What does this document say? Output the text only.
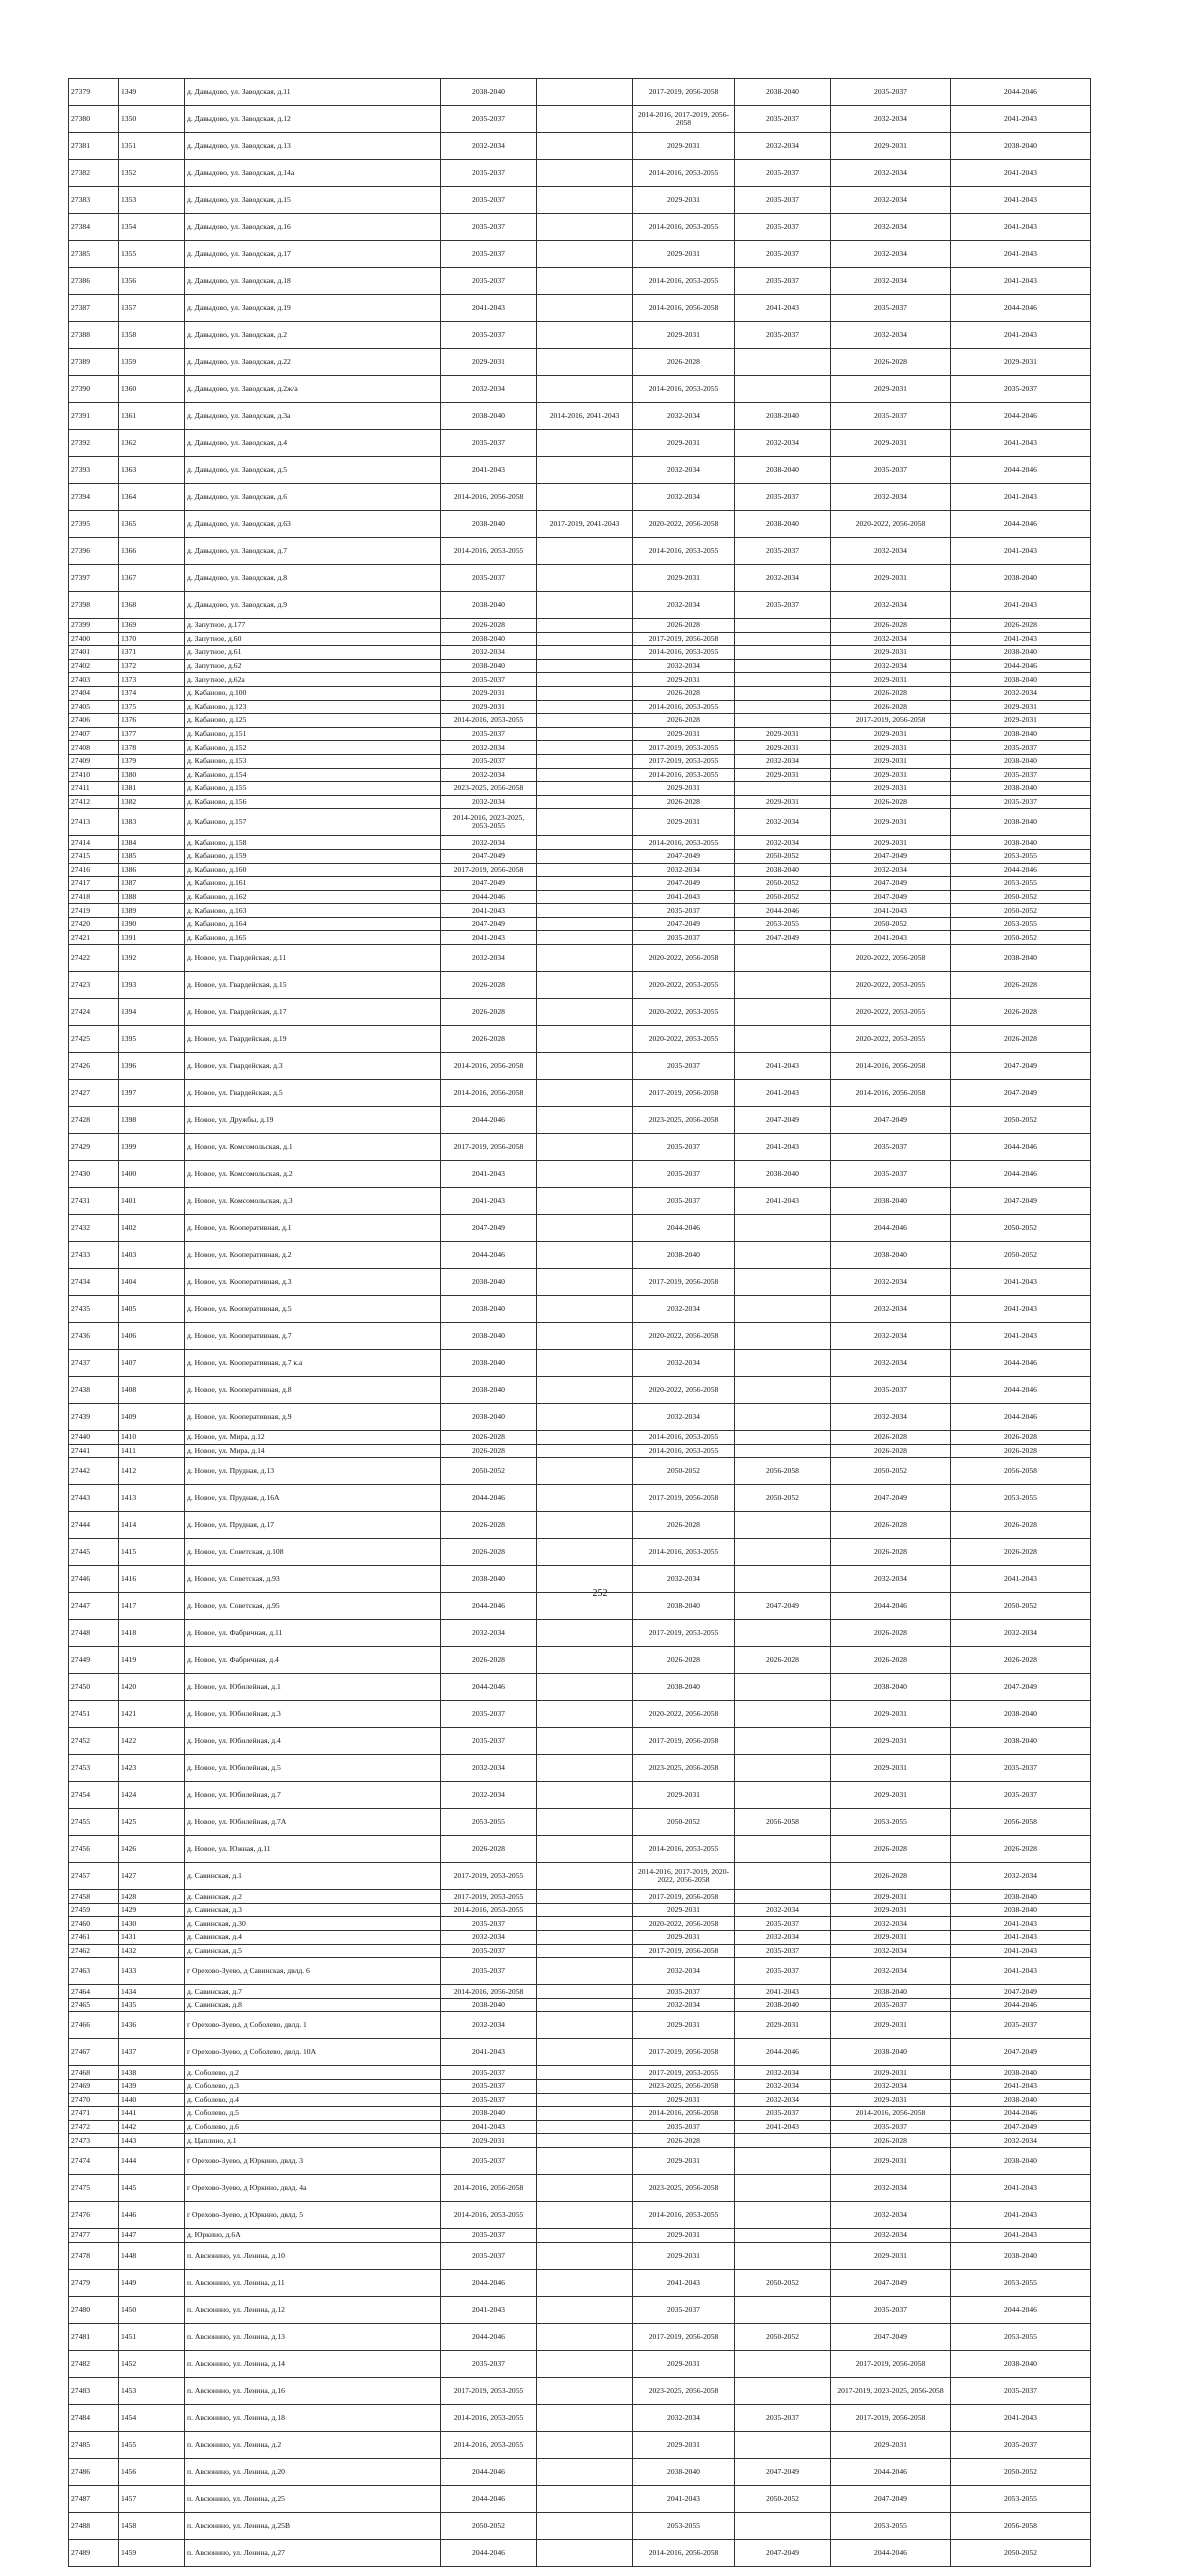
27379	1349	д. Давыдово, ул. Заводская, д.11	2038-2040		2017-2019, 2056-2058	2038-2040	2035-2037	2044-2046
27380	1350	д. Давыдово, ул. Заводская, д.12	2035-2037		2014-2016, 2017-2019, 2056-2058	2035-2037	2032-2034	2041-2043
27381	1351	д. Давыдово, ул. Заводская, д.13	2032-2034		2029-2031	2032-2034	2029-2031	2038-2040
27382	1352	д. Давыдово, ул. Заводская, д.14а	2035-2037		2014-2016, 2053-2055	2035-2037	2032-2034	2041-2043
27383	1353	д. Давыдово, ул. Заводская, д.15	2035-2037		2029-2031	2035-2037	2032-2034	2041-2043
27384	1354	д. Давыдово, ул. Заводская, д.16	2035-2037		2014-2016, 2053-2055	2035-2037	2032-2034	2041-2043
27385	1355	д. Давыдово, ул. Заводская, д.17	2035-2037		2029-2031	2035-2037	2032-2034	2041-2043
27386	1356	д. Давыдово, ул. Заводская, д.18	2035-2037		2014-2016, 2053-2055	2035-2037	2032-2034	2041-2043
27387	1357	д. Давыдово, ул. Заводская, д.19	2041-2043		2014-2016, 2056-2058	2041-2043	2035-2037	2044-2046
27388	1358	д. Давыдово, ул. Заводская, д.2	2035-2037		2029-2031	2035-2037	2032-2034	2041-2043
27389	1359	д. Давыдово, ул. Заводская, д.22	2029-2031		2026-2028		2026-2028	2029-2031
27390	1360	д. Давыдово, ул. Заводская, д.2ж/а	2032-2034		2014-2016, 2053-2055		2029-2031	2035-2037
27391	1361	д. Давыдово, ул. Заводская, д.3а	2038-2040	2014-2016, 2041-2043	2032-2034	2038-2040	2035-2037	2044-2046
27392	1362	д. Давыдово, ул. Заводская, д.4	2035-2037		2029-2031	2032-2034	2029-2031	2041-2043
27393	1363	д. Давыдово, ул. Заводская, д.5	2041-2043		2032-2034	2038-2040	2035-2037	2044-2046
27394	1364	д. Давыдово, ул. Заводская, д.6	2014-2016, 2056-2058		2032-2034	2035-2037	2032-2034	2041-2043
27395	1365	д. Давыдово, ул. Заводская, д.63	2038-2040	2017-2019, 2041-2043	2020-2022, 2056-2058	2038-2040	2020-2022, 2056-2058	2044-2046
27396	1366	д. Давыдово, ул. Заводская, д.7	2014-2016, 2053-2055		2014-2016, 2053-2055	2035-2037	2032-2034	2041-2043
27397	1367	д. Давыдово, ул. Заводская, д.8	2035-2037		2029-2031	2032-2034	2029-2031	2038-2040
27398	1368	д. Давыдово, ул. Заводская, д.9	2038-2040		2032-2034	2035-2037	2032-2034	2041-2043
27399	1369	д. Запутное, д.177	2026-2028		2026-2028		2026-2028	2026-2028
27400	1370	д. Запутное, д.60	2038-2040		2017-2019, 2056-2058		2032-2034	2041-2043
27401	1371	д. Запутное, д.61	2032-2034		2014-2016, 2053-2055		2029-2031	2038-2040
27402	1372	д. Запутное, д.62	2038-2040		2032-2034		2032-2034	2044-2046
27403	1373	д. Запутное, д.62а	2035-2037		2029-2031		2029-2031	2038-2040
27404	1374	д. Кабаново, д.100	2029-2031		2026-2028		2026-2028	2032-2034
27405	1375	д. Кабаново, д.123	2029-2031		2014-2016, 2053-2055		2026-2028	2029-2031
27406	1376	д. Кабаново, д.125	2014-2016, 2053-2055		2026-2028		2017-2019, 2056-2058	2029-2031
27407	1377	д. Кабаново, д.151	2035-2037		2029-2031	2029-2031	2029-2031	2038-2040
27408	1378	д. Кабаново, д.152	2032-2034		2017-2019, 2053-2055	2029-2031	2029-2031	2035-2037
27409	1379	д. Кабаново, д.153	2035-2037		2017-2019, 2053-2055	2032-2034	2029-2031	2038-2040
27410	1380	д. Кабаново, д.154	2032-2034		2014-2016, 2053-2055	2029-2031	2029-2031	2035-2037
27411	1381	д. Кабаново, д.155	2023-2025, 2056-2058		2029-2031		2029-2031	2038-2040
27412	1382	д. Кабаново, д.156	2032-2034		2026-2028	2029-2031	2026-2028	2035-2037
27413	1383	д. Кабаново, д.157	2014-2016, 2023-2025, 2053-2055		2029-2031	2032-2034	2029-2031	2038-2040
27414	1384	д. Кабаново, д.158	2032-2034		2014-2016, 2053-2055	2032-2034	2029-2031	2038-2040
27415	1385	д. Кабаново, д.159	2047-2049		2047-2049	2050-2052	2047-2049	2053-2055
27416	1386	д. Кабаново, д.160	2017-2019, 2056-2058		2032-2034	2038-2040	2032-2034	2044-2046
27417	1387	д. Кабаново, д.161	2047-2049		2047-2049	2050-2052	2047-2049	2053-2055
27418	1388	д. Кабаново, д.162	2044-2046		2041-2043	2050-2052	2047-2049	2050-2052
27419	1389	д. Кабаново, д.163	2041-2043		2035-2037	2044-2046	2041-2043	2050-2052
27420	1390	д. Кабаново, д.164	2047-2049		2047-2049	2053-2055	2050-2052	2053-2055
27421	1391	д. Кабаново, д.165	2041-2043		2035-2037	2047-2049	2041-2043	2050-2052
27422	1392	д. Новое, ул. Гвардейская, д.11	2032-2034		2020-2022, 2056-2058		2020-2022, 2056-2058	2038-2040
27423	1393	д. Новое, ул. Гвардейская, д.15	2026-2028		2020-2022, 2053-2055		2020-2022, 2053-2055	2026-2028
27424	1394	д. Новое, ул. Гвардейская, д.17	2026-2028		2020-2022, 2053-2055		2020-2022, 2053-2055	2026-2028
27425	1395	д. Новое, ул. Гвардейская, д.19	2026-2028		2020-2022, 2053-2055		2020-2022, 2053-2055	2026-2028
27426	1396	д. Новое, ул. Гвардейская, д.3	2014-2016, 2056-2058		2035-2037	2041-2043	2014-2016, 2056-2058	2047-2049
27427	1397	д. Новое, ул. Гвардейская, д.5	2014-2016, 2056-2058		2017-2019, 2056-2058	2041-2043	2014-2016, 2056-2058	2047-2049
27428	1398	д. Новое, ул. Дружбы, д.19	2044-2046		2023-2025, 2056-2058	2047-2049	2047-2049	2050-2052
27429	1399	д. Новое, ул. Комсомольская, д.1	2017-2019, 2056-2058		2035-2037	2041-2043	2035-2037	2044-2046
27430	1400	д. Новое, ул. Комсомольская, д.2	2041-2043		2035-2037	2038-2040	2035-2037	2044-2046
27431	1401	д. Новое, ул. Комсомольская, д.3	2041-2043		2035-2037	2041-2043	2038-2040	2047-2049
27432	1402	д. Новое, ул. Кооперативная, д.1	2047-2049		2044-2046		2044-2046	2050-2052
27433	1403	д. Новое, ул. Кооперативная, д.2	2044-2046		2038-2040		2038-2040	2050-2052
27434	1404	д. Новое, ул. Кооперативная, д.3	2038-2040		2017-2019, 2056-2058		2032-2034	2041-2043
27435	1405	д. Новое, ул. Кооперативная, д.5	2038-2040		2032-2034		2032-2034	2041-2043
27436	1406	д. Новое, ул. Кооперативная, д.7	2038-2040		2020-2022, 2056-2058		2032-2034	2041-2043
27437	1407	д. Новое, ул. Кооперативная, д.7 к.а	2038-2040		2032-2034		2032-2034	2044-2046
27438	1408	д. Новое, ул. Кооперативная, д.8	2038-2040		2020-2022, 2056-2058		2035-2037	2044-2046
27439	1409	д. Новое, ул. Кооперативная, д.9	2038-2040		2032-2034		2032-2034	2044-2046
27440	1410	д. Новое, ул. Мира, д.12	2026-2028		2014-2016, 2053-2055		2026-2028	2026-2028
27441	1411	д. Новое, ул. Мира, д.14	2026-2028		2014-2016, 2053-2055		2026-2028	2026-2028
27442	1412	д. Новое, ул. Прудная, д.13	2050-2052		2050-2052	2056-2058	2050-2052	2056-2058
27443	1413	д. Новое, ул. Прудная, д.16А	2044-2046		2017-2019, 2056-2058	2050-2052	2047-2049	2053-2055
27444	1414	д. Новое, ул. Прудная, д.17	2026-2028		2026-2028		2026-2028	2026-2028
27445	1415	д. Новое, ул. Советская, д.108	2026-2028		2014-2016, 2053-2055		2026-2028	2026-2028
27446	1416	д. Новое, ул. Советская, д.93	2038-2040		2032-2034		2032-2034	2041-2043
27447	1417	д. Новое, ул. Советская, д.95	2044-2046		2038-2040	2047-2049	2044-2046	2050-2052
27448	1418	д. Новое, ул. Фабричная, д.11	2032-2034		2017-2019, 2053-2055		2026-2028	2032-2034
27449	1419	д. Новое, ул. Фабричная, д.4	2026-2028		2026-2028	2026-2028	2026-2028	2026-2028
27450	1420	д. Новое, ул. Юбилейная, д.1	2044-2046		2038-2040		2038-2040	2047-2049
27451	1421	д. Новое, ул. Юбилейная, д.3	2035-2037		2020-2022, 2056-2058		2029-2031	2038-2040
27452	1422	д. Новое, ул. Юбилейная, д.4	2035-2037		2017-2019, 2056-2058		2029-2031	2038-2040
27453	1423	д. Новое, ул. Юбилейная, д.5	2032-2034		2023-2025, 2056-2058		2029-2031	2035-2037
27454	1424	д. Новое, ул. Юбилейная, д.7	2032-2034		2029-2031		2029-2031	2035-2037
27455	1425	д. Новое, ул. Юбилейная, д.7А	2053-2055		2050-2052	2056-2058	2053-2055	2056-2058
27456	1426	д. Новое, ул. Южная, д.11	2026-2028		2014-2016, 2053-2055		2026-2028	2026-2028
27457	1427	д. Савинская, д.1	2017-2019, 2053-2055		2014-2016, 2017-2019, 2020-2022, 2056-2058		2026-2028	2032-2034
27458	1428	д. Савинская, д.2	2017-2019, 2053-2055		2017-2019, 2056-2058		2029-2031	2038-2040
27459	1429	д. Савинская, д.3	2014-2016, 2053-2055		2029-2031	2032-2034	2029-2031	2038-2040
27460	1430	д. Савинская, д.30	2035-2037		2020-2022, 2056-2058	2035-2037	2032-2034	2041-2043
27461	1431	д. Савинская, д.4	2032-2034		2029-2031	2032-2034	2029-2031	2041-2043
27462	1432	д. Савинская, д.5	2035-2037		2017-2019, 2056-2058	2035-2037	2032-2034	2041-2043
27463	1433	г Орехово-Зуево, д Савинская, двлд. 6	2035-2037		2032-2034	2035-2037	2032-2034	2041-2043
27464	1434	д. Савинская, д.7	2014-2016, 2056-2058		2035-2037	2041-2043	2038-2040	2047-2049
27465	1435	д. Савинская, д.8	2038-2040		2032-2034	2038-2040	2035-2037	2044-2046
27466	1436	г Орехово-Зуево, д Соболево, двлд. 1	2032-2034		2029-2031	2029-2031	2029-2031	2035-2037
27467	1437	г Орехово-Зуево, д Соболево, двлд. 10А	2041-2043		2017-2019, 2056-2058	2044-2046	2038-2040	2047-2049
27468	1438	д. Соболево, д.2	2035-2037		2017-2019, 2053-2055	2032-2034	2029-2031	2038-2040
27469	1439	д. Соболево, д.3	2035-2037		2023-2025, 2056-2058	2032-2034	2032-2034	2041-2043
27470	1440	д. Соболево, д.4	2035-2037		2029-2031	2032-2034	2029-2031	2038-2040
27471	1441	д. Соболево, д.5	2038-2040		2014-2016, 2056-2058	2035-2037	2014-2016, 2056-2058	2044-2046
27472	1442	д. Соболево, д.6	2041-2043		2035-2037	2041-2043	2035-2037	2047-2049
27473	1443	д. Цаплино, д.1	2029-2031		2026-2028		2026-2028	2032-2034
27474	1444	г Орехово-Зуево, д Юркино, двлд. 3	2035-2037		2029-2031		2029-2031	2038-2040
27475	1445	г Орехово-Зуево, д Юркино, двлд. 4а	2014-2016, 2056-2058		2023-2025, 2056-2058		2032-2034	2041-2043
27476	1446	г Орехово-Зуево, д Юркино, двлд. 5	2014-2016, 2053-2055		2014-2016, 2053-2055		2032-2034	2041-2043
27477	1447	д. Юркино, д.6А	2035-2037		2029-2031		2032-2034	2041-2043
27478	1448	п. Авсюнино, ул. Ленина, д.10	2035-2037		2029-2031		2029-2031	2038-2040
27479	1449	п. Авсюнино, ул. Ленина, д.11	2044-2046		2041-2043	2050-2052	2047-2049	2053-2055
27480	1450	п. Авсюнино, ул. Ленина, д.12	2041-2043		2035-2037		2035-2037	2044-2046
27481	1451	п. Авсюнино, ул. Ленина, д.13	2044-2046		2017-2019, 2056-2058	2050-2052	2047-2049	2053-2055
27482	1452	п. Авсюнино, ул. Ленина, д.14	2035-2037		2029-2031		2017-2019, 2056-2058	2038-2040
27483	1453	п. Авсюнино, ул. Ленина, д.16	2017-2019, 2053-2055		2023-2025, 2056-2058		2017-2019, 2023-2025, 2056-2058	2035-2037
27484	1454	п. Авсюнино, ул. Ленина, д.18	2014-2016, 2053-2055		2032-2034	2035-2037	2017-2019, 2056-2058	2041-2043
27485	1455	п. Авсюнино, ул. Ленина, д.2	2014-2016, 2053-2055		2029-2031		2029-2031	2035-2037
27486	1456	п. Авсюнино, ул. Ленина, д.20	2044-2046		2038-2040	2047-2049	2044-2046	2050-2052
27487	1457	п. Авсюнино, ул. Ленина, д.25	2044-2046		2041-2043	2050-2052	2047-2049	2053-2055
27488	1458	п. Авсюнино, ул. Ленина, д.25В	2050-2052		2053-2055		2053-2055	2056-2058
27489	1459	п. Авсюнино, ул. Ленина, д.27	2044-2046		2014-2016, 2056-2058	2047-2049	2044-2046	2050-2052
252
